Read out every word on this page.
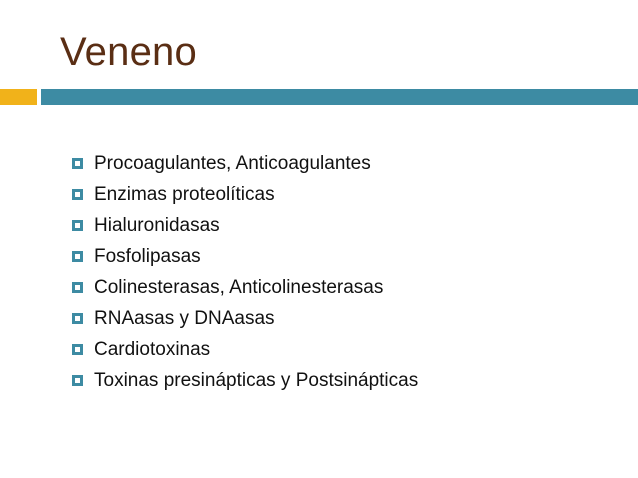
Veneno
Procoagulantes, Anticoagulantes
Enzimas proteolíticas
Hialuronidasas
Fosfolipasas
Colinesterasas, Anticolinesterasas
RNAasas y DNAasas
Cardiotoxinas
Toxinas presinápticas y Postsinápticas
